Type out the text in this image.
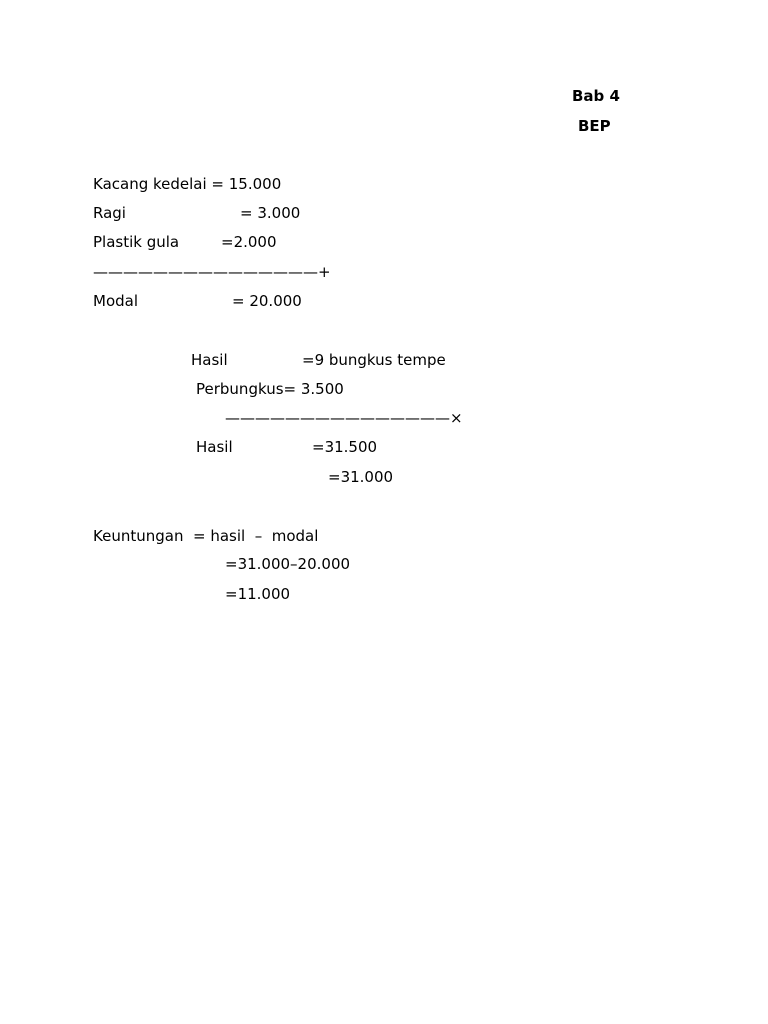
Bab 4

BEP

Kacang kedelai = 15.000

Ragi	= 3.000

Plastik gula	=2.000

———————————————+

Modal	= 20.000

Hasil	=9 bungkus tempe

Perbungkus= 3.500

———————————————×

Hasil	=31.500

=31.000

Keuntungan  = hasil  –  modal

=31.000–20.000

=11.000
